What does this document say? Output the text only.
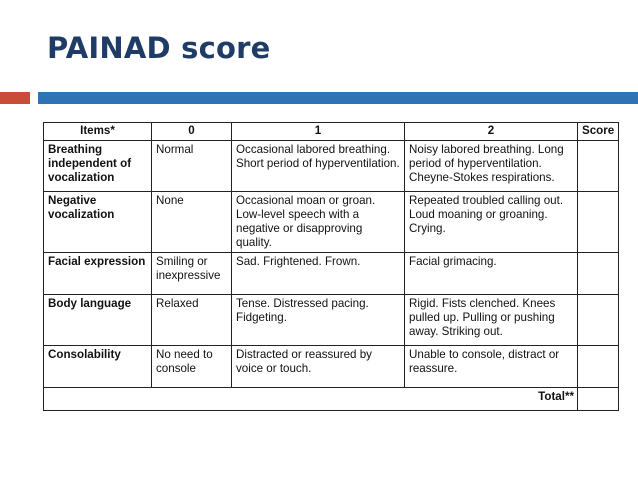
PAINAD score
Items*	0	1	2	Score
Breathing independent of vocalization	Normal	Occasional labored breathing. Short period of hyperventilation.	Noisy labored breathing. Long period of hyperventilation. Cheyne-Stokes respirations.	
Negative vocalization	None	Occasional moan or groan. Low-level speech with a negative or disapproving quality.	Repeated troubled calling out. Loud moaning or groaning. Crying.	
Facial expression	Smiling or inexpressive	Sad. Frightened. Frown.	Facial grimacing.	
Body language	Relaxed	Tense. Distressed pacing. Fidgeting.	Rigid. Fists clenched. Knees pulled up. Pulling or pushing away. Striking out.	
Consolability	No need to console	Distracted or reassured by voice or touch.	Unable to console, distract or reassure.	
Total**				
